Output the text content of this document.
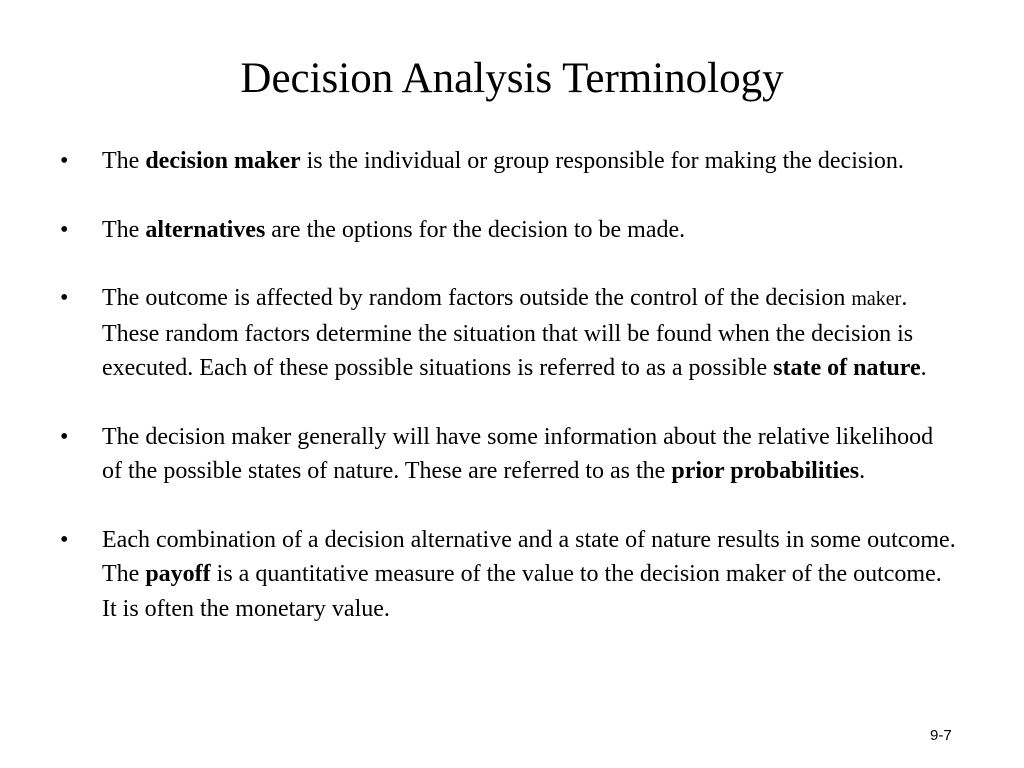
Decision Analysis Terminology
•	The decision maker is the individual or group responsible for making the decision.
•	The alternatives are the options for the decision to be made.
•	The outcome is affected by random factors outside the control of the decision maker. These random factors determine the situation that will be found when the decision is executed. Each of these possible situations is referred to as a possible state of nature.
•	The decision maker generally will have some information about the relative likelihood of the possible states of nature. These are referred to as the prior probabilities.
•	Each combination of a decision alternative and a state of nature results in some outcome. The payoff is a quantitative measure of the value to the decision maker of the outcome. It is often the monetary value.
9-7
